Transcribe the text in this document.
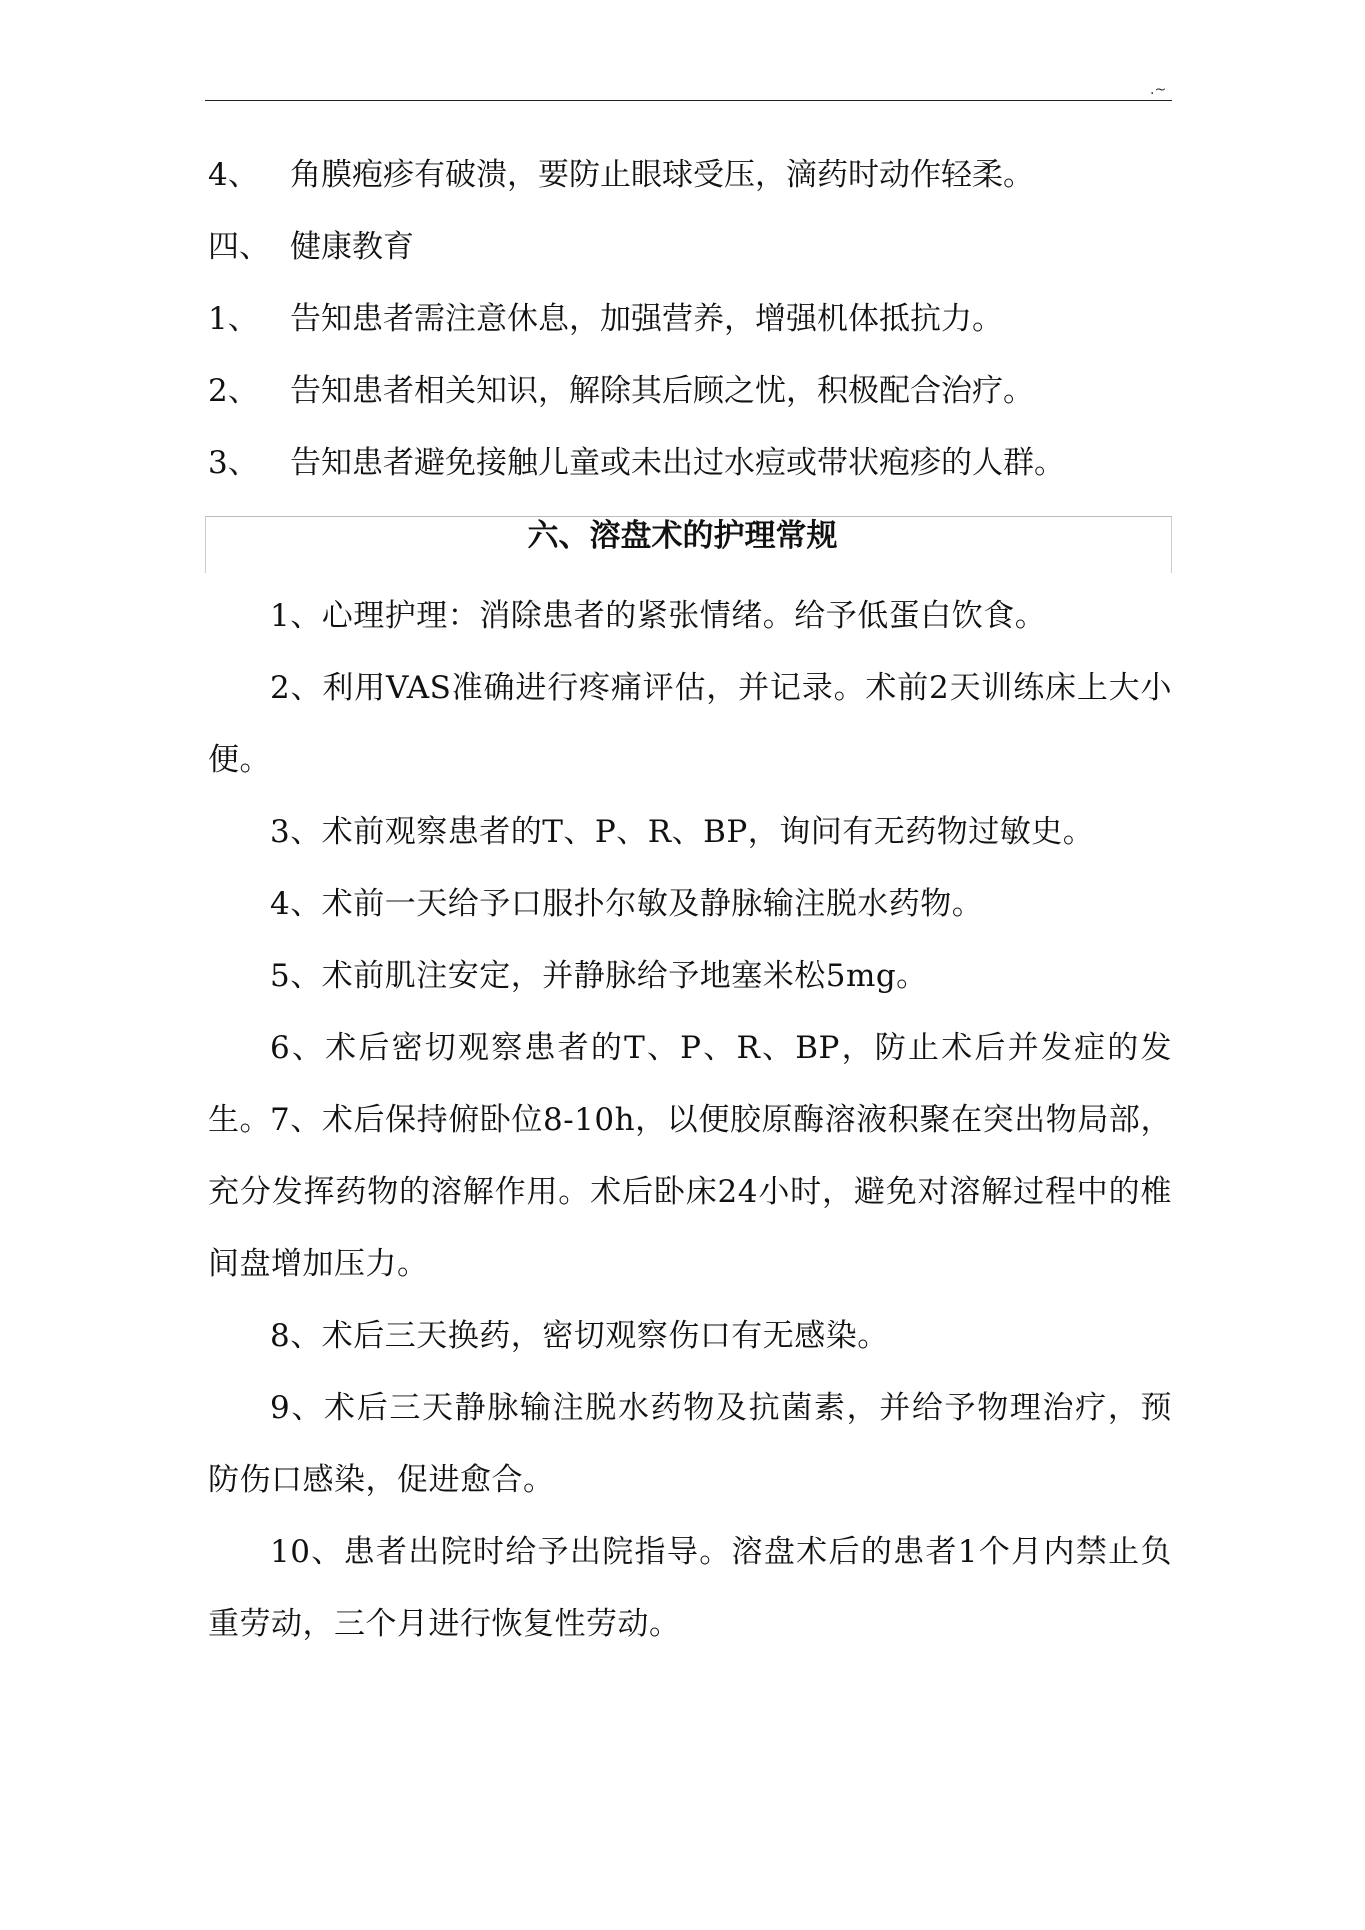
.~
4、 角膜疱疹有破溃，要防止眼球受压，滴药时动作轻柔。
四、 健康教育
1、 告知患者需注意休息，加强营养，增强机体抵抗力。
2、 告知患者相关知识，解除其后顾之忧，积极配合治疗。
3、 告知患者避免接触儿童或未出过水痘或带状疱疹的人群。
六、溶盘术的护理常规
1、心理护理：消除患者的紧张情绪。给予低蛋白饮食。
2、利用VAS准确进行疼痛评估，并记录。术前2天训练床上大小便。
3、术前观察患者的T、P、R、BP，询问有无药物过敏史。
4、术前一天给予口服扑尔敏及静脉输注脱水药物。
5、术前肌注安定，并静脉给予地塞米松5mg。
6、术后密切观察患者的T、P、R、BP，防止术后并发症的发生。 7、术后保持俯卧位8-10h，以便胶原酶溶液积聚在突出物局部，充分发挥药物的溶解作用。术后卧床24小时，避免对溶解过程中的椎间盘增加压力。
8、术后三天换药，密切观察伤口有无感染。
9、术后三天静脉输注脱水药物及抗菌素，并给予物理治疗，预防伤口感染，促进愈合。
10、患者出院时给予出院指导。溶盘术后的患者1个月内禁止负重劳动，三个月进行恢复性劳动。
